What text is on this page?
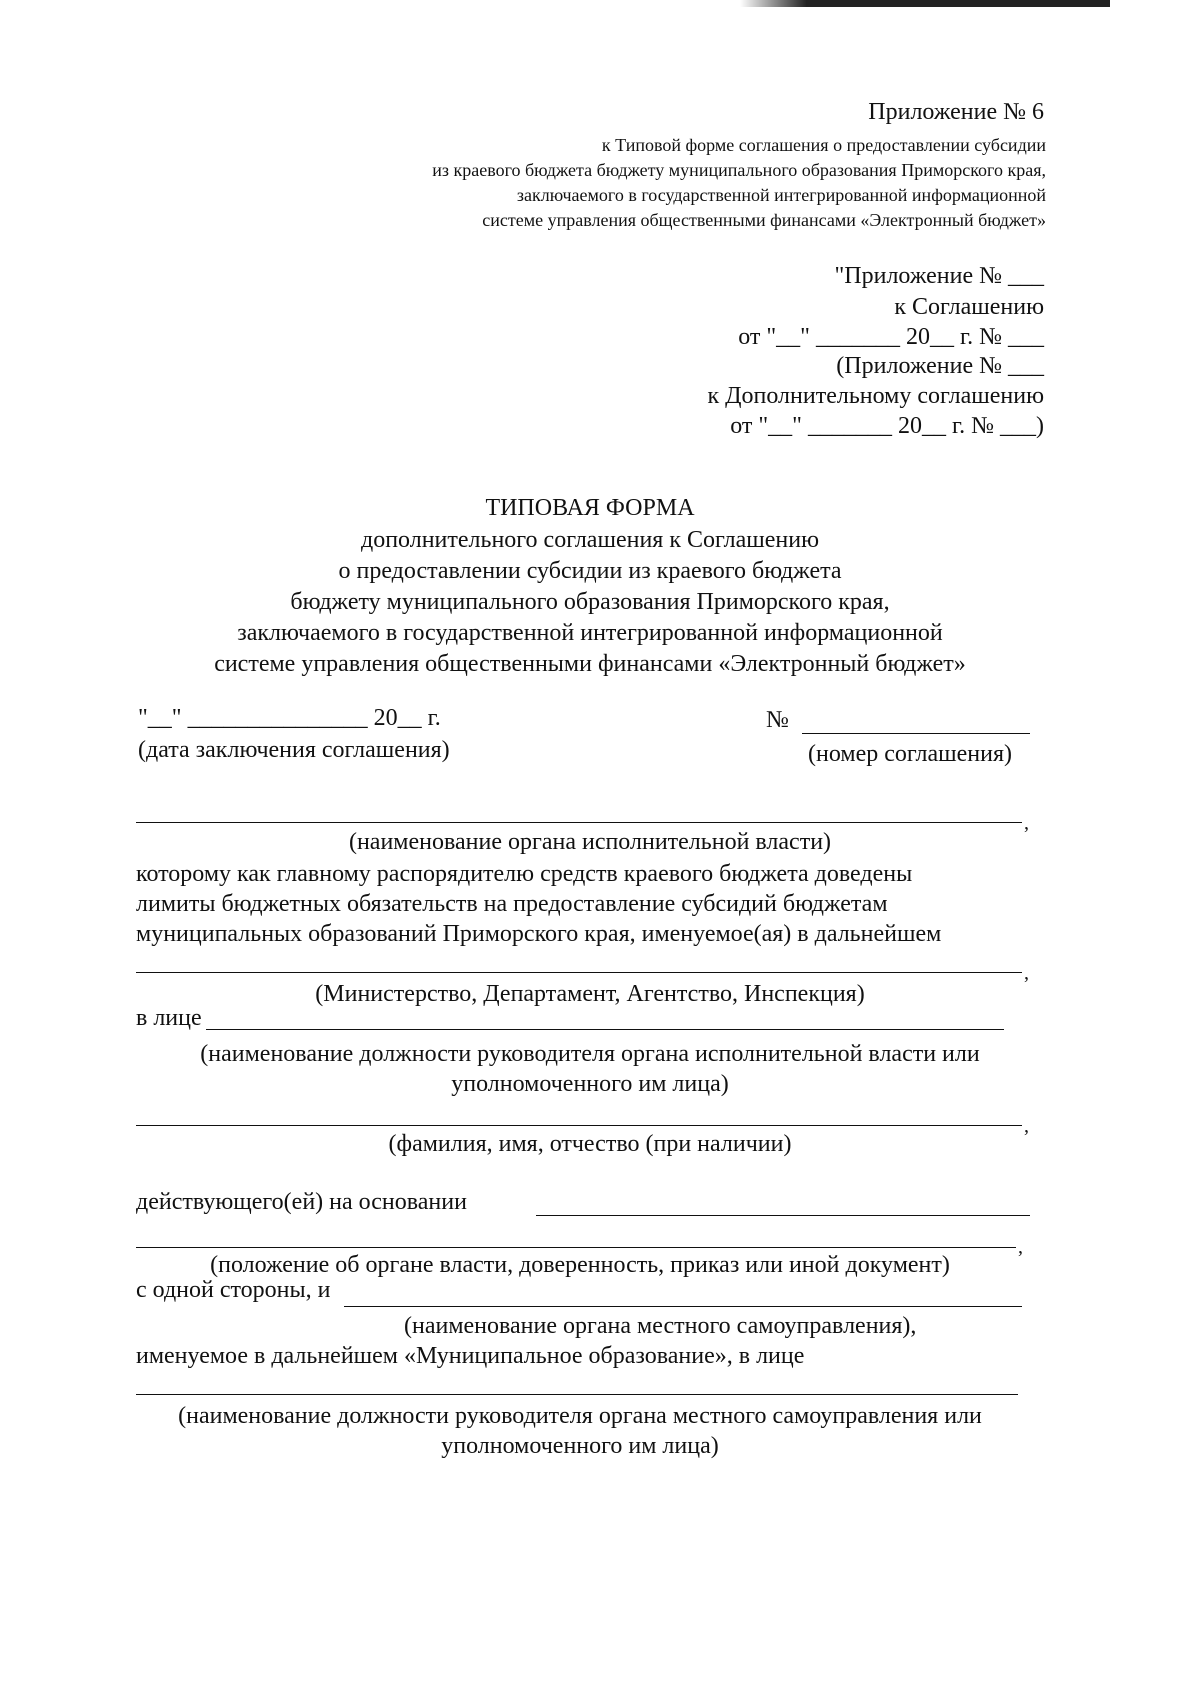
Приложение № 6
к Типовой форме соглашения о предоставлении субсидии
из краевого бюджета бюджету муниципального образования Приморского края,
заключаемого в государственной интегрированной информационной
системе управления общественными финансами «Электронный бюджет»
"Приложение № ___
к Соглашению
от "__" _______ 20__ г. № ___
(Приложение № ___
к Дополнительному соглашению
от "__" _______ 20__ г. № ___)
ТИПОВАЯ ФОРМА
дополнительного соглашения к Соглашению
о предоставлении субсидии из краевого бюджета
бюджету муниципального образования Приморского края,
заключаемого в государственной интегрированной информационной
системе управления общественными финансами «Электронный бюджет»
"__" _______________ 20__ г.
(дата заключения соглашения)
№
(номер соглашения)
,
(наименование органа исполнительной власти)
которому как главному распорядителю средств краевого бюджета доведены
лимиты бюджетных обязательств на предоставление субсидий бюджетам
муниципальных образований Приморского края, именуемое(ая) в дальнейшем
,
(Министерство, Департамент, Агентство, Инспекция)
в лице
(наименование должности руководителя органа исполнительной власти или
уполномоченного им лица)
,
(фамилия, имя, отчество (при наличии)
действующего(ей) на основании
,
(положение об органе власти, доверенность, приказ или иной документ)
с одной стороны, и
(наименование органа местного самоуправления),
именуемое в дальнейшем «Муниципальное образование», в лице
(наименование должности руководителя органа местного самоуправления или
уполномоченного им лица)
